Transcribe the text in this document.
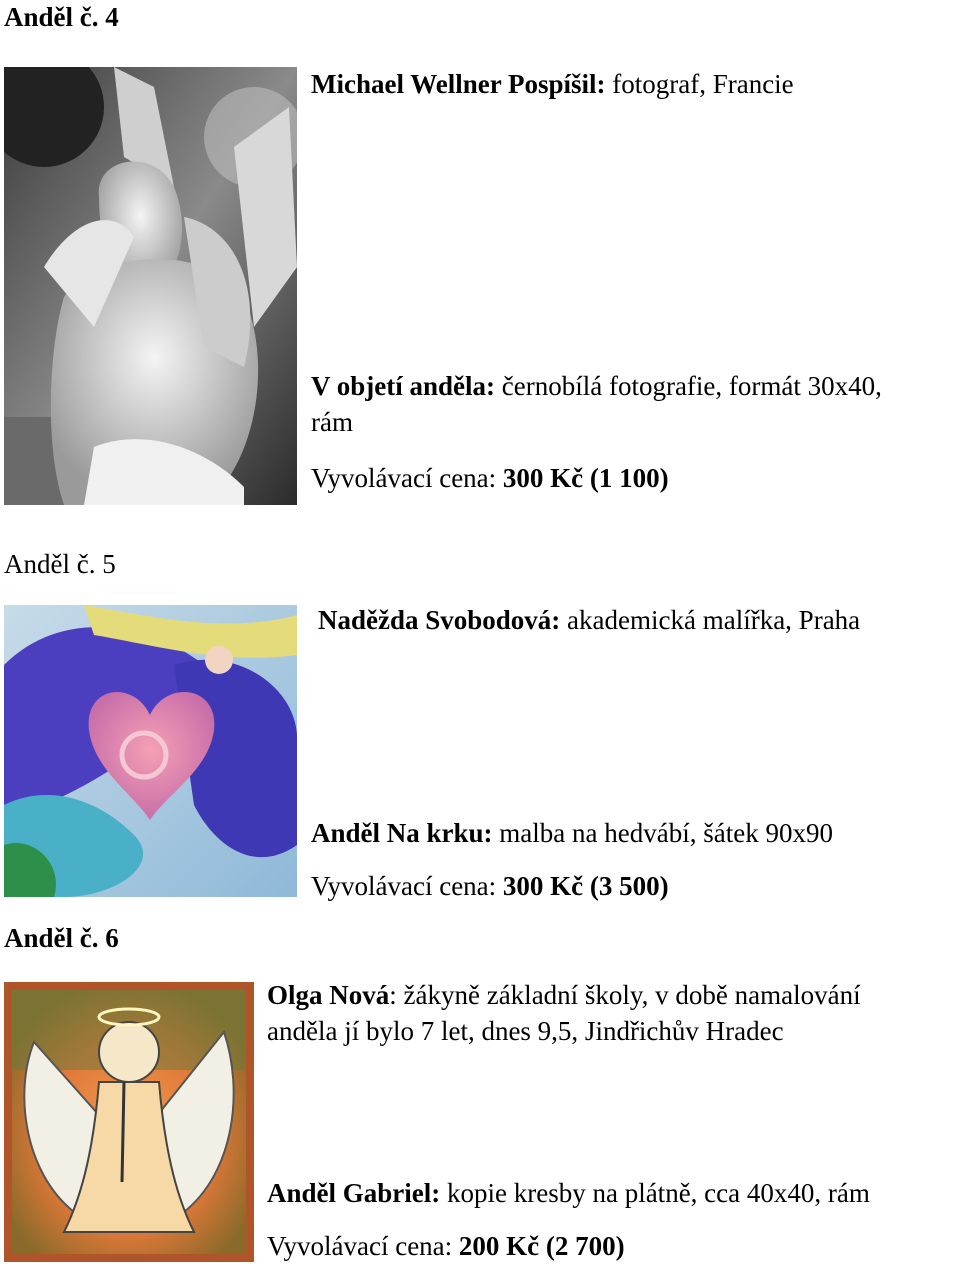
Anděl č. 4
Michael Wellner Pospíšil: fotograf, Francie
V objetí anděla: černobílá fotografie, formát 30x40,
rám
Vyvolávací cena: 300 Kč (1 100)
Anděl č. 5
Naděžda Svobodová: akademická malířka, Praha
Anděl Na krku: malba na hedvábí, šátek 90x90
Vyvolávací cena: 300 Kč (3 500)
Anděl č. 6
Olga Nová: žákyně základní školy, v době namalování
anděla jí bylo 7 let, dnes 9,5, Jindřichův Hradec
Anděl Gabriel: kopie kresby na plátně, cca 40x40, rám
Vyvolávací cena: 200 Kč (2 700)
